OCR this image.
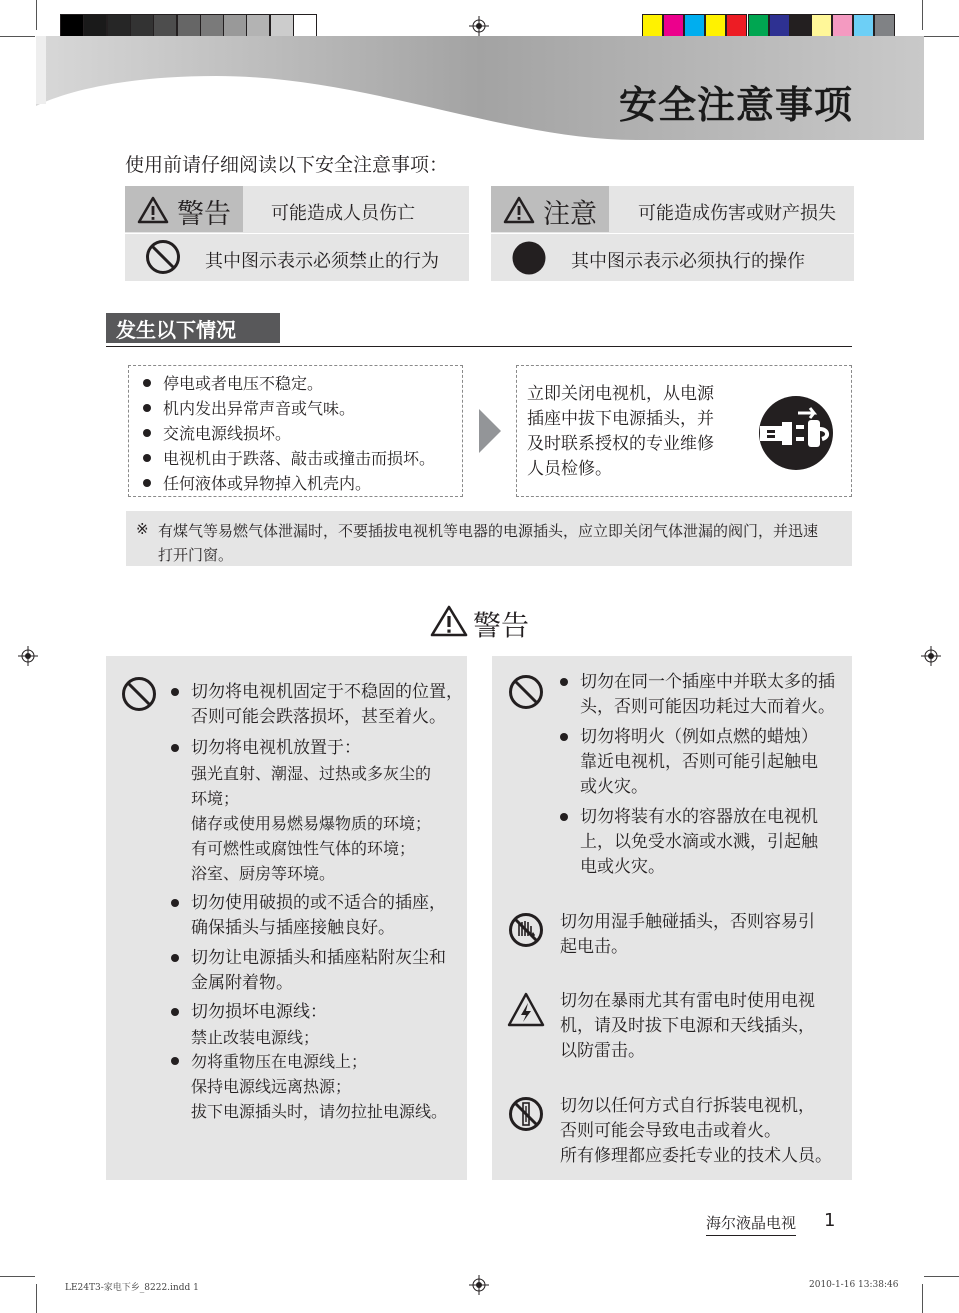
安全注意事项
使用前请仔细阅读以下安全注意事项：
警告 可能造成人员伤亡
其中图示表示必须禁止的行为
注意 可能造成伤害或财产损失
其中图示表示必须执行的操作
发生以下情况
停电或者电压不稳定。
机内发出异常声音或气味。
交流电源线损坏。
电视机由于跌落、敲击或撞击而损坏。
任何液体或异物掉入机壳内。
立即关闭电视机，从电源
插座中拔下电源插头，并
及时联系授权的专业维修
人员检修。
※ 有煤气等易燃气体泄漏时，不要插拔电视机等电器的电源插头，应立即关闭气体泄漏的阀门，并迅速
打开门窗。
警告
切勿将电视机固定于不稳固的位置，
否则可能会跌落损坏，甚至着火。
切勿将电视机放置于：
强光直射、潮湿、过热或多灰尘的
环境；
储存或使用易燃易爆物质的环境；
有可燃性或腐蚀性气体的环境；
浴室、厨房等环境。
切勿使用破损的或不适合的插座，
确保插头与插座接触良好。
切勿让电源插头和插座粘附灰尘和
金属附着物。
切勿损坏电源线：
禁止改装电源线；
勿将重物压在电源线上；
保持电源线远离热源；
拔下电源插头时，请勿拉扯电源线。
切勿在同一个插座中并联太多的插
头，否则可能因功耗过大而着火。
切勿将明火（例如点燃的蜡烛）
靠近电视机，否则可能引起触电
或火灾。
切勿将装有水的容器放在电视机
上，以免受水滴或水溅，引起触
电或火灾。
切勿用湿手触碰插头，否则容易引
起电击。
切勿在暴雨尤其有雷电时使用电视
机，请及时拔下电源和天线插头，
以防雷击。
切勿以任何方式自行拆装电视机，
否则可能会导致电击或着火。
所有修理都应委托专业的技术人员。
海尔液晶电视 1
LE24T3-家电下乡_8222.indd 1	2010-1-16 13:38:46
